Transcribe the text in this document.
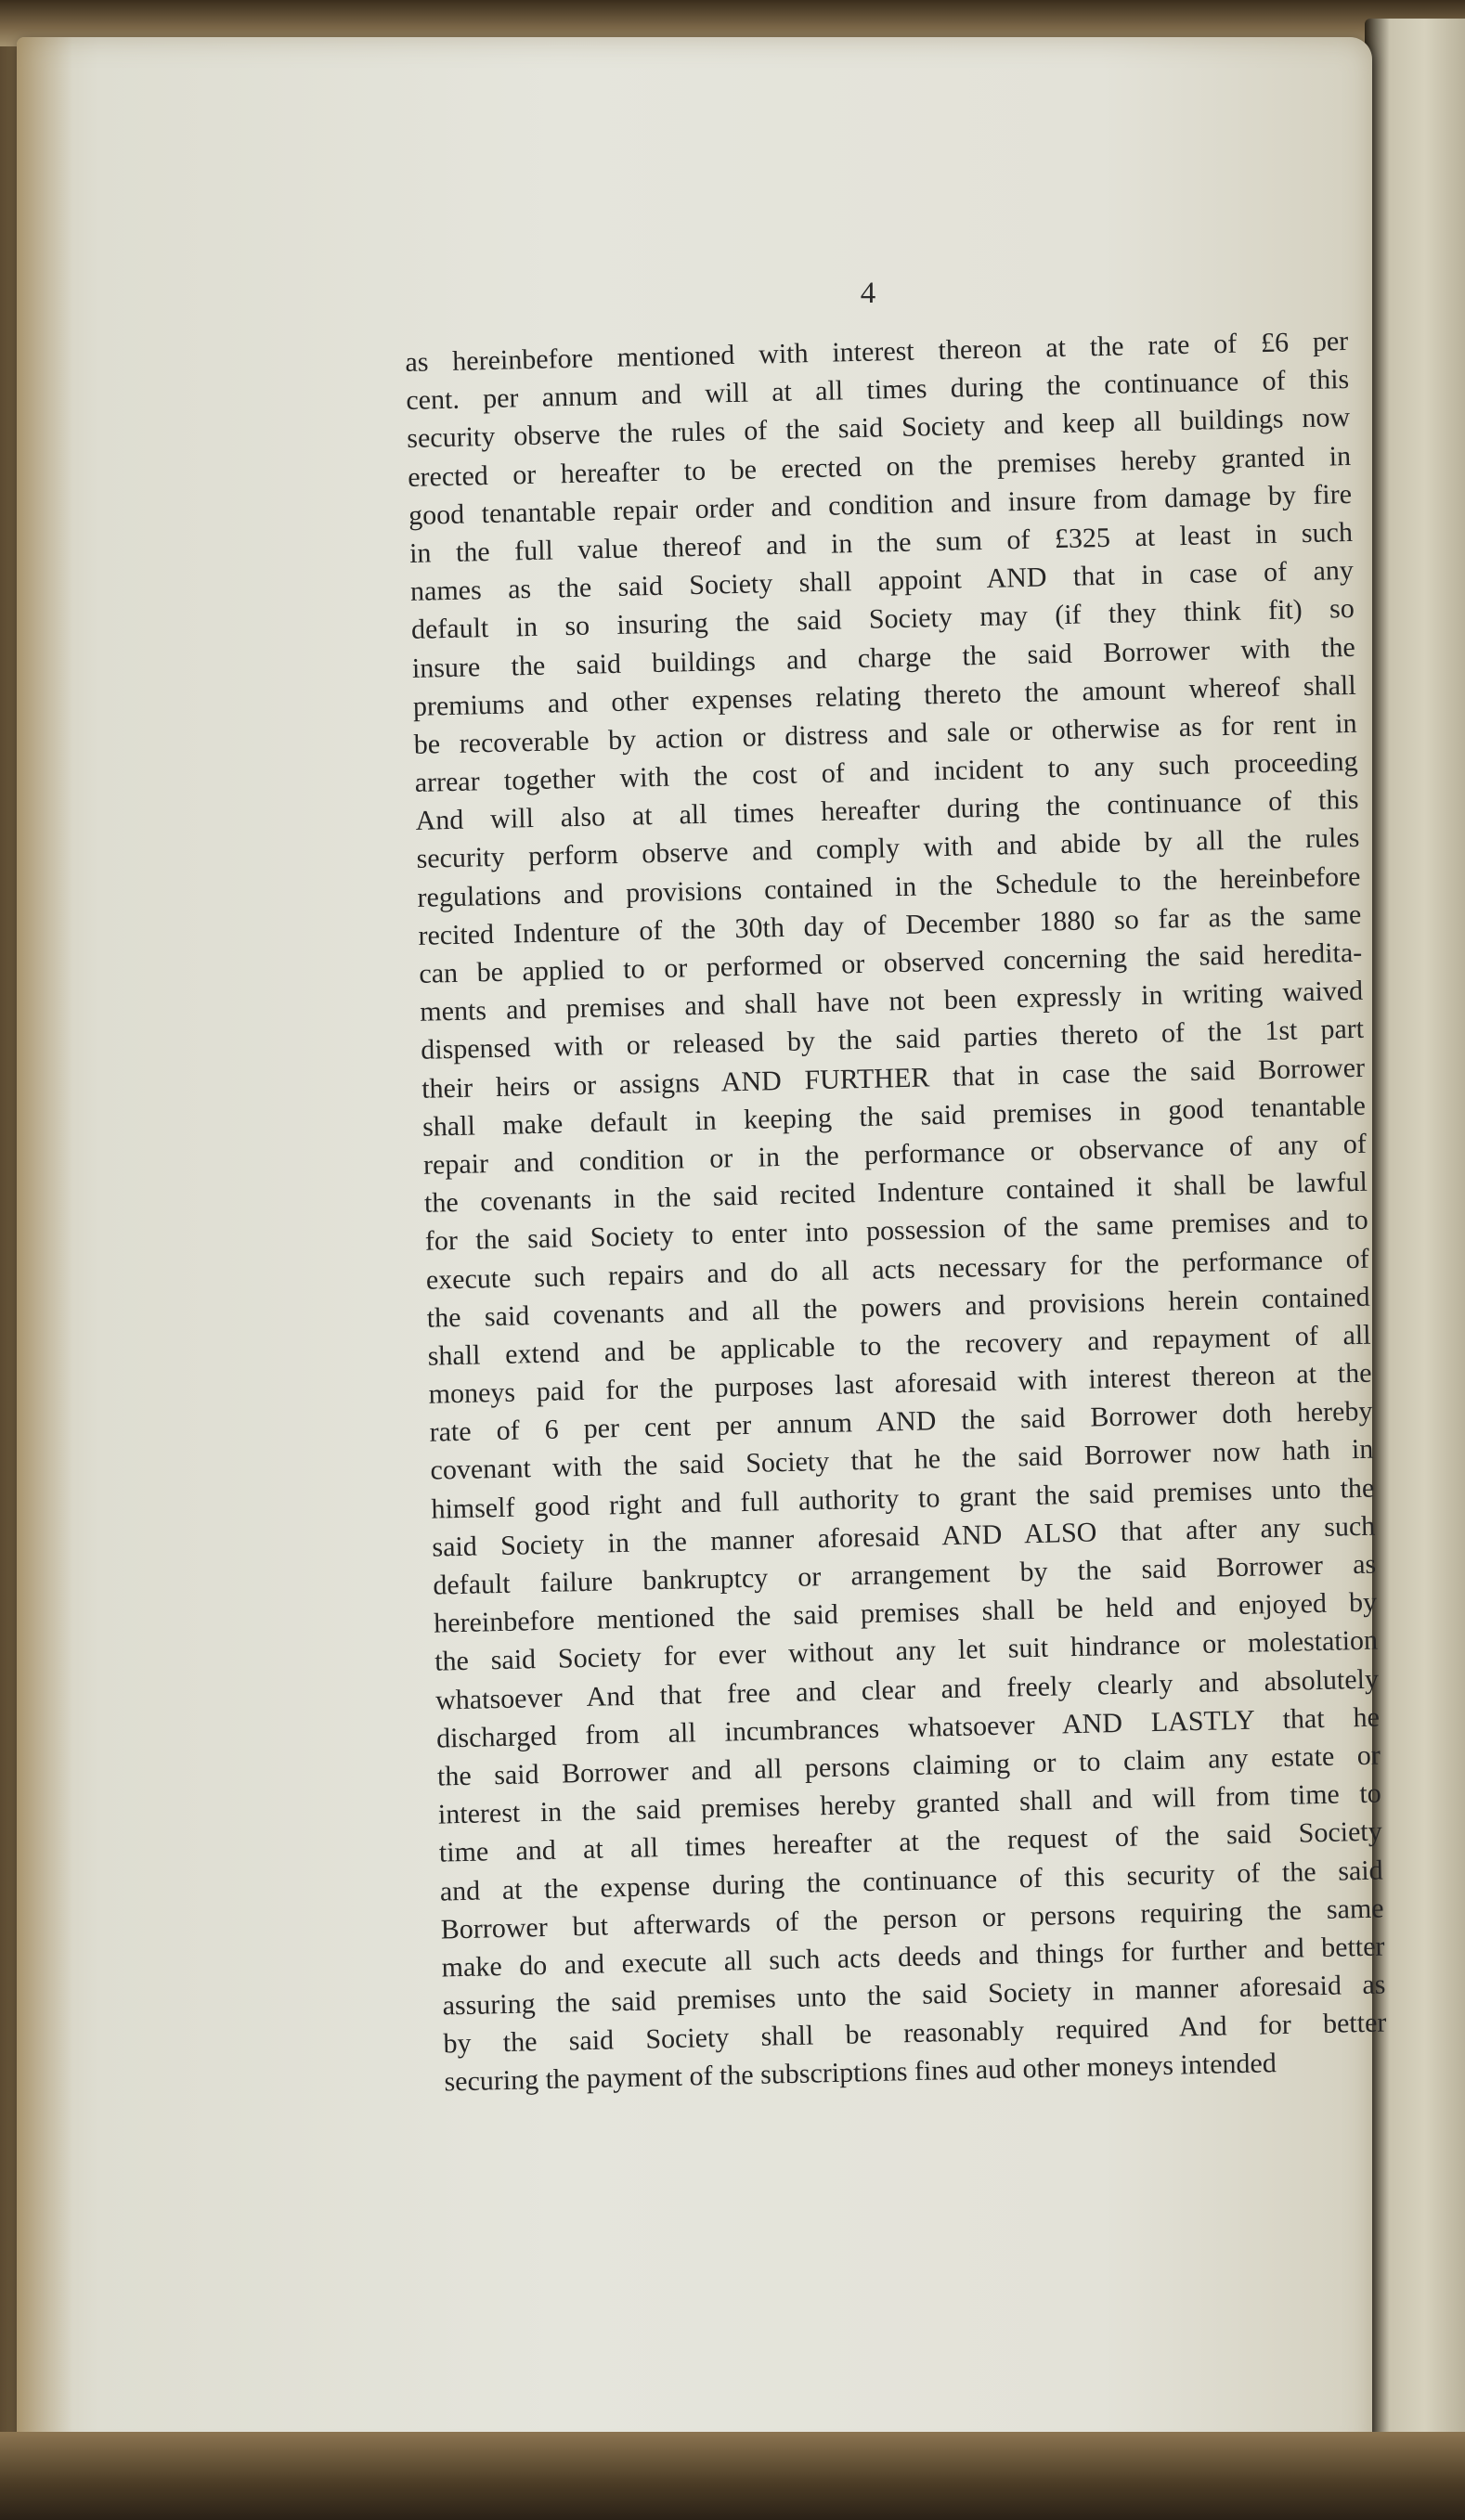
4
as hereinbefore mentioned with interest thereon at the rate of £6 per
cent. per annum and will at all times during the continuance of this
security observe the rules of the said Society and keep all buildings now
erected or hereafter to be erected on the premises hereby granted in
good tenantable repair order and condition and insure from damage by fire
in the full value thereof and in the sum of £325 at least in such
names as the said Society shall appoint AND that in case of any
default in so insuring the said Society may (if they think fit) so
insure the said buildings and charge the said Borrower with the
premiums and other expenses relating thereto the amount whereof shall
be recoverable by action or distress and sale or otherwise as for rent in
arrear together with the cost of and incident to any such proceeding
And will also at all times hereafter during the continuance of this
security perform observe and comply with and abide by all the rules
regulations and provisions contained in the Schedule to the hereinbefore
recited Indenture of the 30th day of December 1880 so far as the same
can be applied to or performed or observed concerning the said heredita-
ments and premises and shall have not been expressly in writing waived
dispensed with or released by the said parties thereto of the 1st part
their heirs or assigns AND FURTHER that in case the said Borrower
shall make default in keeping the said premises in good tenantable
repair and condition or in the performance or observance of any of
the covenants in the said recited Indenture contained it shall be lawful
for the said Society to enter into possession of the same premises and to
execute such repairs and do all acts necessary for the performance of
the said covenants and all the powers and provisions herein contained
shall extend and be applicable to the recovery and repayment of all
moneys paid for the purposes last aforesaid with interest thereon at the
rate of 6 per cent per annum AND the said Borrower doth hereby
covenant with the said Society that he the said Borrower now hath in
himself good right and full authority to grant the said premises unto the
said Society in the manner aforesaid AND ALSO that after any such
default failure bankruptcy or arrangement by the said Borrower as
hereinbefore mentioned the said premises shall be held and enjoyed by
the said Society for ever without any let suit hindrance or molestation
whatsoever And that free and clear and freely clearly and absolutely
discharged from all incumbrances whatsoever AND LASTLY that he
the said Borrower and all persons claiming or to claim any estate or
interest in the said premises hereby granted shall and will from time to
time and at all times hereafter at the request of the said Society
and at the expense during the continuance of this security of the said
Borrower but afterwards of the person or persons requiring the same
make do and execute all such acts deeds and things for further and better
assuring the said premises unto the said Society in manner aforesaid as
by the said Society shall be reasonably required And for better
securing the payment of the subscriptions fines aud other moneys intended
